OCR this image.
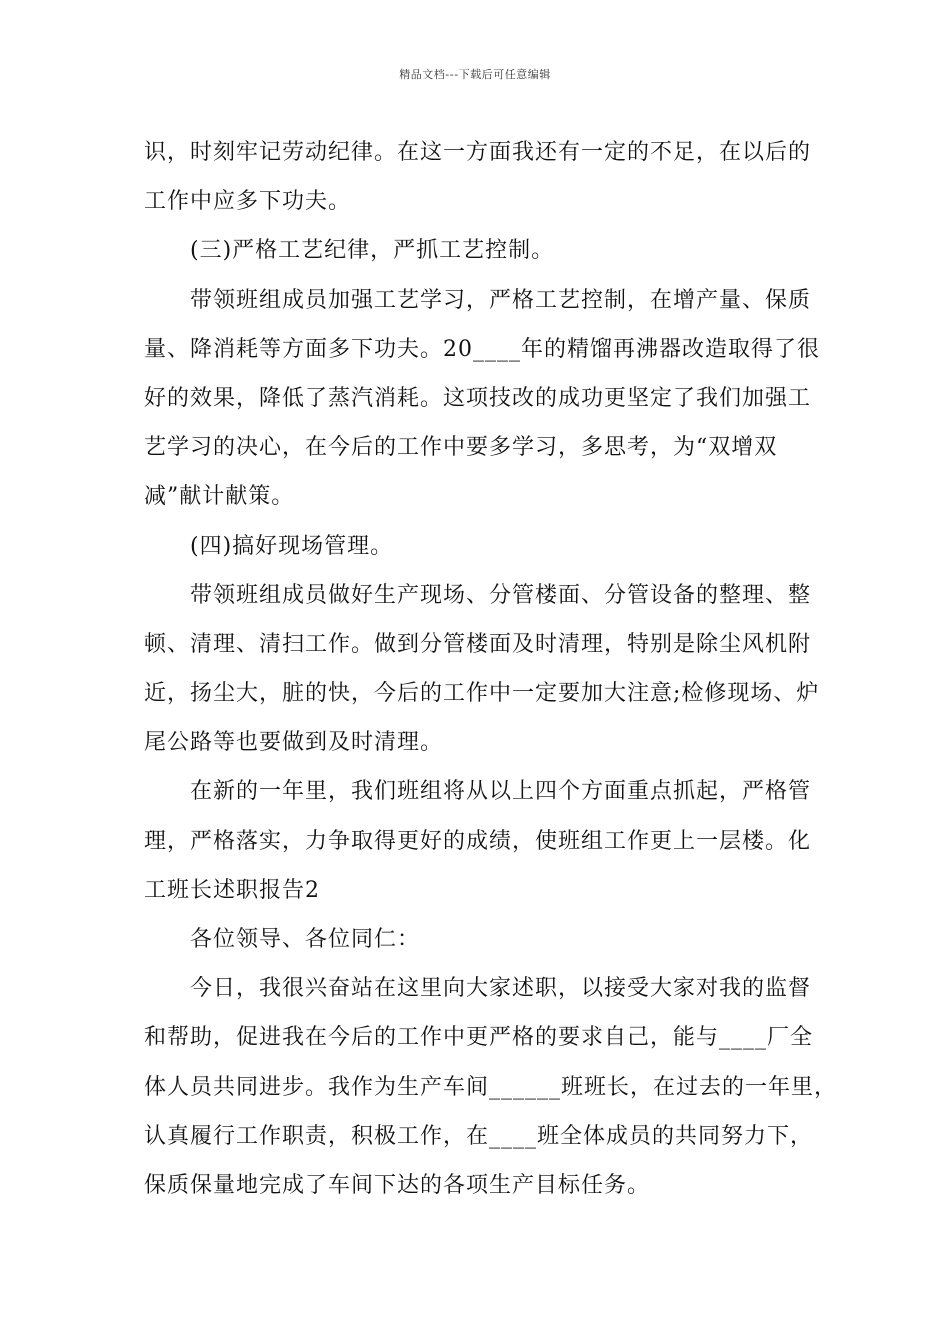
精品文档---下载后可任意编辑
识，时刻牢记劳动纪律。在这一方面我还有一定的不足，在以后的
工作中应多下功夫。
(三)严格工艺纪律，严抓工艺控制。
带领班组成员加强工艺学习，严格工艺控制，在增产量、保质
量、降消耗等方面多下功夫。20____年的精馏再沸器改造取得了很
好的效果，降低了蒸汽消耗。这项技改的成功更坚定了我们加强工
艺学习的决心，在今后的工作中要多学习，多思考，为“双增双
减”献计献策。
(四)搞好现场管理。
带领班组成员做好生产现场、分管楼面、分管设备的整理、整
顿、清理、清扫工作。做到分管楼面及时清理，特别是除尘风机附
近，扬尘大，脏的快，今后的工作中一定要加大注意;检修现场、炉
尾公路等也要做到及时清理。
在新的一年里，我们班组将从以上四个方面重点抓起，严格管
理，严格落实，力争取得更好的成绩，使班组工作更上一层楼。化
工班长述职报告2
各位领导、各位同仁：
今日，我很兴奋站在这里向大家述职，以接受大家对我的监督
和帮助，促进我在今后的工作中更严格的要求自己，能与____厂全
体人员共同进步。我作为生产车间______班班长，在过去的一年里，
认真履行工作职责，积极工作，在____班全体成员的共同努力下，
保质保量地完成了车间下达的各项生产目标任务。
